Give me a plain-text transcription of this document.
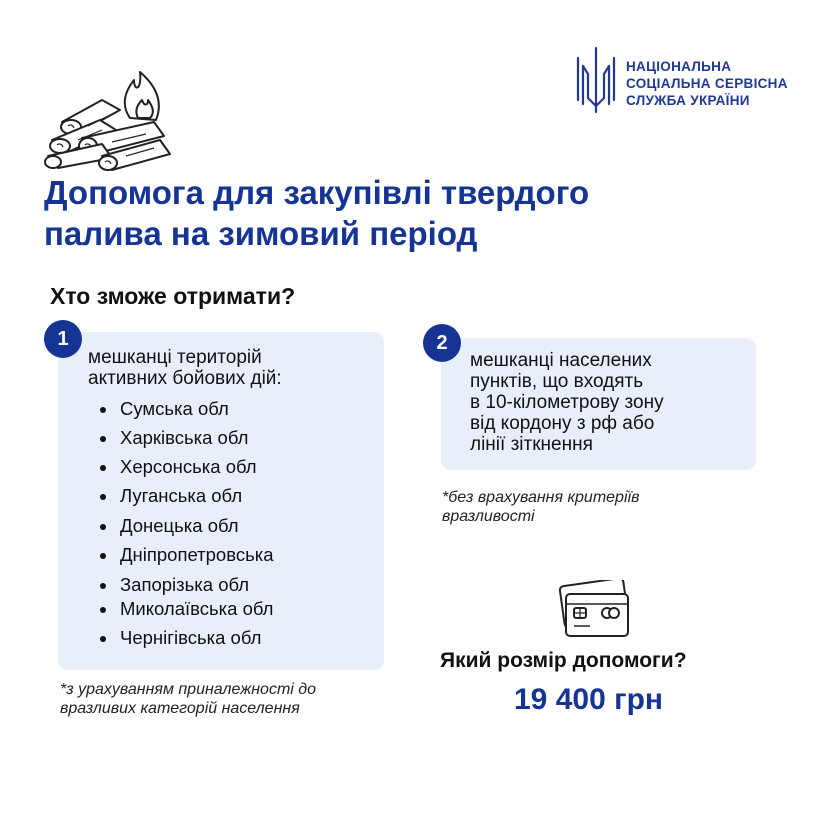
НАЦІОНАЛЬНА
СОЦІАЛЬНА СЕРВІСНА
СЛУЖБА УКРАЇНИ
Допомога для закупівлі твердого
палива на зимовий період
Хто зможе отримати?
1
мешканці територій
активних бойових дій:
Сумська обл
Харківська обл
Херсонська обл
Луганська обл
Донецька обл
Дніпропетровська
Запорізька обл
Миколаївська обл
Чернігівська обл
*з урахуванням приналежності до
вразливих категорій населення
2
мешканці населених
пунктів, що входять
в 10-кілометрову зону
від кордону з рф або
лінії зіткнення
*без врахування критеріїв
вразливості
Який розмір допомоги?
19 400 грн
